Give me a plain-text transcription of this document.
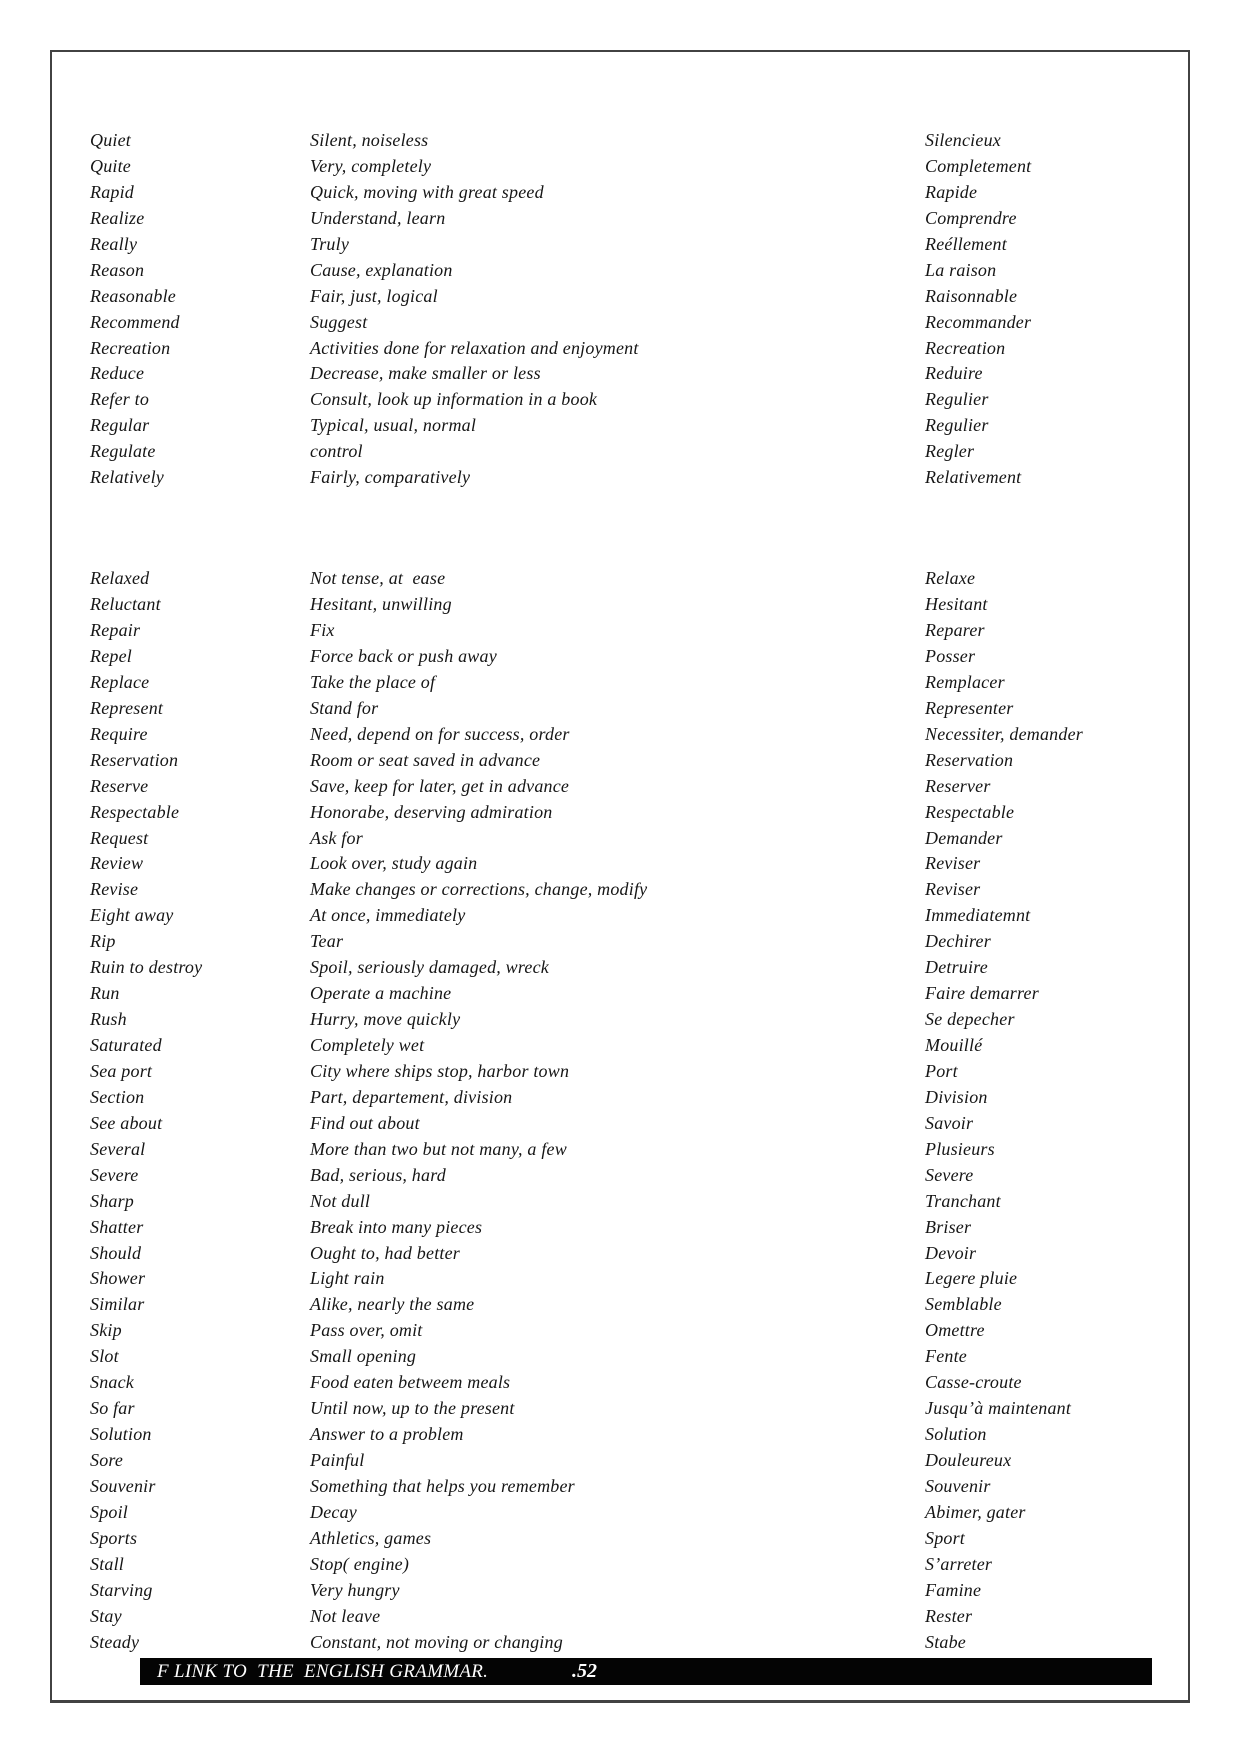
Quiet	Silent, noiseless	Silencieux
Quite	Very, completely	Completement
Rapid	Quick, moving with great speed	Rapide
Realize	Understand, learn	Comprendre
Really	Truly	Reéllement
Reason	Cause, explanation	La raison
Reasonable	Fair, just, logical	Raisonnable
Recommend	Suggest	Recommander
Recreation	Activities done for relaxation and enjoyment	Recreation
Reduce	Decrease, make smaller or less	Reduire
Refer to	Consult, look up information in a book	Regulier
Regular	Typical, usual, normal	Regulier
Regulate	control	Regler
Relatively	Fairly, comparatively	Relativement
Relaxed	Not tense, at  ease	Relaxe
Reluctant	Hesitant, unwilling	Hesitant
Repair	Fix	Reparer
Repel	Force back or push away	Posser
Replace	Take the place of	Remplacer
Represent	Stand for	Representer
Require	Need, depend on for success, order	Necessiter, demander
Reservation	Room or seat saved in advance	Reservation
Reserve	Save, keep for later, get in advance	Reserver
Respectable	Honorabe, deserving admiration	Respectable
Request	Ask for	Demander
Review	Look over, study again	Reviser
Revise	Make changes or corrections, change, modify	Reviser
Eight away	At once, immediately	Immediatemnt
Rip	Tear	Dechirer
Ruin to destroy	Spoil, seriously damaged, wreck	Detruire
Run	Operate a machine	Faire demarrer
Rush	Hurry, move quickly	Se depecher
Saturated	Completely wet	Mouillé
Sea port	City where ships stop, harbor town	Port
Section	Part, departement, division	Division
See about	Find out about	Savoir
Several	More than two but not many, a few	Plusieurs
Severe	Bad, serious, hard	Severe
Sharp	Not dull	Tranchant
Shatter	Break into many pieces	Briser
Should	Ought to, had better	Devoir
Shower	Light rain	Legere pluie
Similar	Alike, nearly the same	Semblable
Skip	Pass over, omit	Omettre
Slot	Small opening	Fente
Snack	Food eaten betweem meals	Casse-croute
So far	Until now, up to the present	Jusqu’à maintenant
Solution	Answer to a problem	Solution
Sore	Painful	Douleureux
Souvenir	Something that helps you remember	Souvenir
Spoil	Decay	Abimer, gater
Sports	Athletics, games	Sport
Stall	Stop( engine)	S’arreter
Starving	Very hungry	Famine
Stay	Not leave	Rester
Steady	Constant, not moving or changing	Stabe
F LINK TO  THE  ENGLISH GRAMMAR.	.52
